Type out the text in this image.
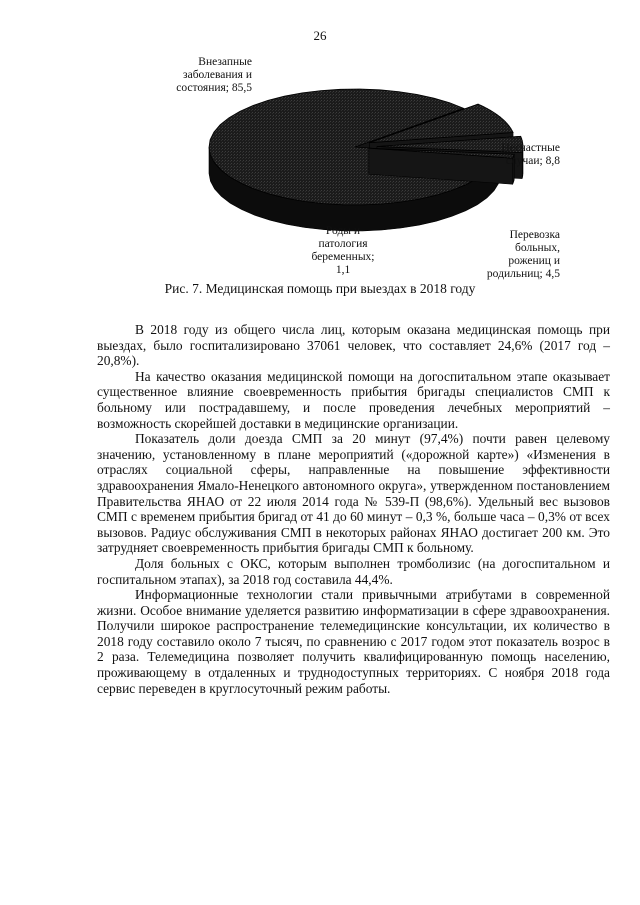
26
Внезапные
заболевания и
состояния; 85,5
Несчастные
случаи; 8,8
Перевозка
больных,
рожениц и
родильниц; 4,5
Роды и
патология
беременных;
1,1
Рис. 7. Медицинская помощь при выездах в 2018 году

В 2018 году из общего числа лиц, которым оказана медицинская помощь при выездах, было госпитализировано 37061 человек, что составляет 24,6% (2017 год – 20,8%).

На качество оказания медицинской помощи на догоспитальном этапе оказывает существенное влияние своевременность прибытия бригады специалистов СМП к больному или пострадавшему, и после проведения лечебных мероприятий – возможность скорейшей доставки в медицинские организации.

Показатель доли доезда СМП за 20 минут (97,4%) почти равен целевому значению, установленному в плане мероприятий («дорожной карте») «Изменения в отраслях социальной сферы, направленные на повышение эффективности здравоохранения Ямало-Ненецкого автономного округа», утвержденном постановлением Правительства ЯНАО от 22 июля 2014 года № 539-П (98,6%). Удельный вес вызовов СМП с временем прибытия бригад от 41 до 60 минут – 0,3 %, больше часа – 0,3% от всех вызовов. Радиус обслуживания СМП в некоторых районах ЯНАО достигает 200 км. Это затрудняет своевременность прибытия бригады СМП к больному.

Доля больных с ОКС, которым выполнен тромболизис (на догоспитальном и госпитальном этапах), за 2018 год составила 44,4%.

Информационные технологии стали привычными атрибутами в современной жизни. Особое внимание уделяется развитию информатизации в сфере здравоохранения. Получили широкое распространение телемедицинские консультации, их количество в 2018 году составило около 7 тысяч, по сравнению с 2017 годом этот показатель возрос в 2 раза. Телемедицина позволяет получить квалифицированную помощь населению, проживающему в отдаленных и труднодоступных территориях. С ноября 2018 года сервис переведен в круглосуточный режим работы.
